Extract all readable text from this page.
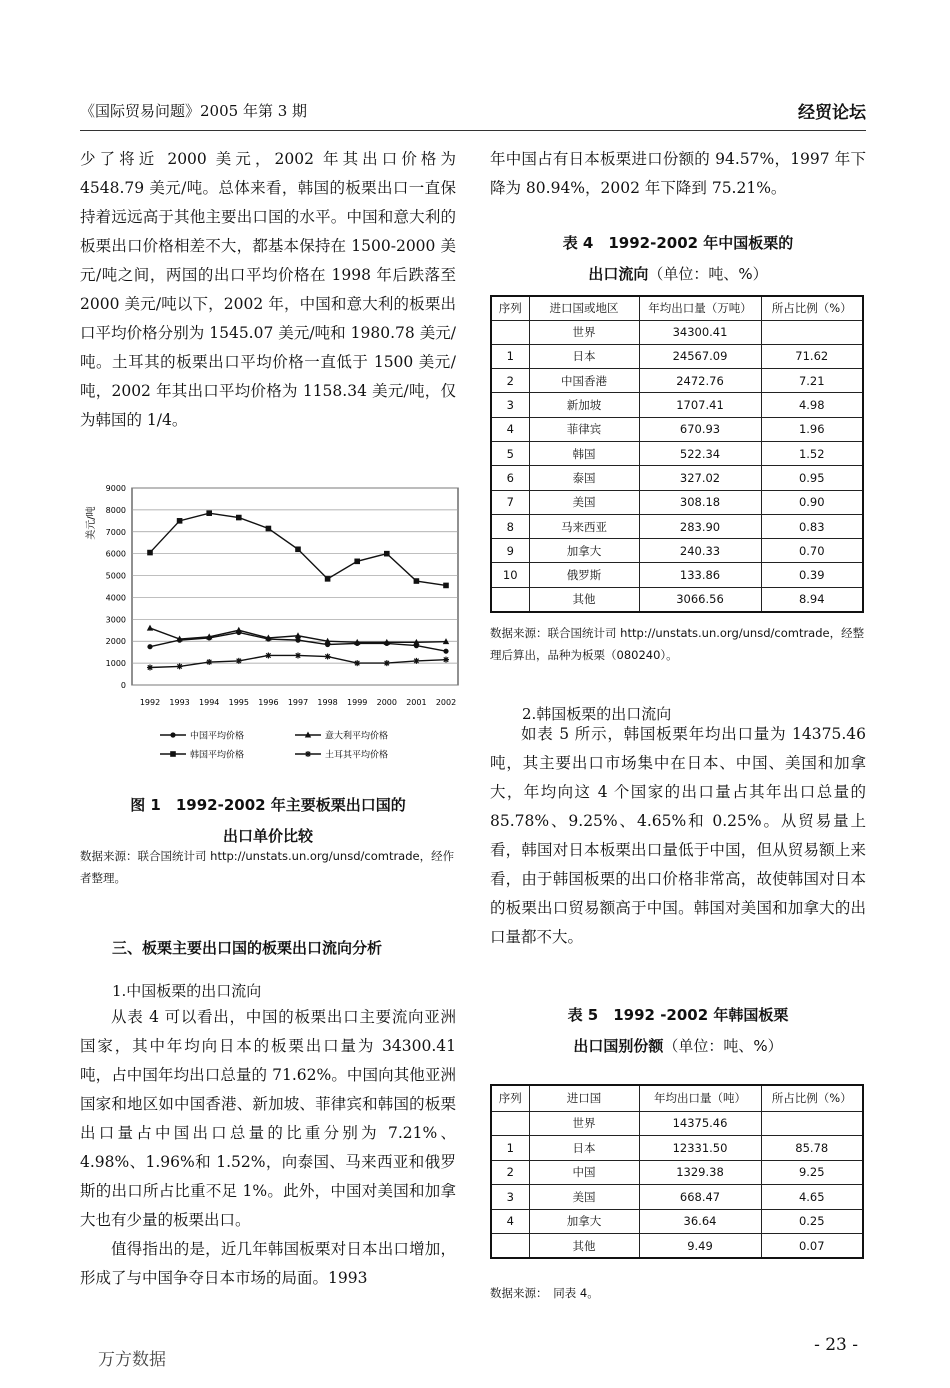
《国际贸易问题》2005 年第 3 期	经贸论坛

少了将近 2000 美元，2002 年其出口价格为 4548.79 美元/吨。总体来看，韩国的板栗出口一直保持着远远高于其他主要出口国的水平。中国和意大利的板栗出口价格相差不大，都基本保持在 1500-2000 美元/吨之间，两国的出口平均价格在 1998 年后跌落至 2000 美元/吨以下，2002 年，中国和意大利的板栗出口平均价格分别为 1545.07 美元/吨和 1980.78 美元/吨。土耳其的板栗出口平均价格一直低于 1500 美元/吨，2002 年其出口平均价格为 1158.34 美元/吨，仅为韩国的 1/4。

0
1000
2000
3000
4000
5000
6000
7000
8000
9000
1992 1993 1994 1995 1996 1997 1998 1999 2000 2001 2002
中国平均价格	意大利平均价格
韩国平均价格	土耳其平均价格
美元/吨
图 1　1992-2002 年主要板栗出口国的
出口单价比较
数据来源：联合国统计司 http://unstats.un.org/unsd/comtrade，经作者整理。
三、板栗主要出口国的板栗出口流向分析
1.中国板栗的出口流向

从表 4 可以看出，中国的板栗出口主要流向亚洲国家，其中年均向日本的板栗出口量为 34300.41 吨，占中国年均出口总量的 71.62%。中国向其他亚洲国家和地区如中国香港、新加坡、菲律宾和韩国的板栗出口量占中国出口总量的比重分别为 7.21%、4.98%、1.96%和 1.52%，向泰国、马来西亚和俄罗斯的出口所占比重不足 1%。此外，中国对美国和加拿大也有少量的板栗出口。

值得指出的是，近几年韩国板栗对日本出口增加，形成了与中国争夺日本市场的局面。1993

年中国占有日本板栗进口份额的 94.57%，1997 年下降为 80.94%，2002 年下降到 75.21%。

表 4　1992-2002 年中国板栗的
出口流向（单位：吨、%）
序列	进口国或地区	年均出口量（万吨）	所占比例（%）
	世界	34300.41	
1	日本	24567.09	71.62
2	中国香港	2472.76	7.21
3	新加坡	1707.41	4.98
4	菲律宾	670.93	1.96
5	韩国	522.34	1.52
6	泰国	327.02	0.95
7	美国	308.18	0.90
8	马来西亚	283.90	0.83
9	加拿大	240.33	0.70
10	俄罗斯	133.86	0.39
	其他	3066.56	8.94
数据来源：联合国统计司 http://unstats.un.org/unsd/comtrade，经整理后算出，品种为板栗（080240）。
2.韩国板栗的出口流向

如表 5 所示，韩国板栗年均出口量为 14375.46 吨，其主要出口市场集中在日本、中国、美国和加拿大，年均向这 4 个国家的出口量占其年出口总量的 85.78%、9.25%、4.65%和 0.25%。从贸易量上看，韩国对日本板栗出口量低于中国，但从贸易额上来看，由于韩国板栗的出口价格非常高，故使韩国对日本的板栗出口贸易额高于中国。韩国对美国和加拿大的出口量都不大。

表 5　1992 -2002 年韩国板栗
出口国别份额（单位：吨、%）
序列	进口国	年均出口量（吨）	所占比例（%）
	世界	14375.46	
1	日本	12331.50	85.78
2	中国	1329.38	9.25
3	美国	668.47	4.65
4	加拿大	36.64	0.25
	其他	9.49	0.07
数据来源：　同表 4。
万方数据
- 23 -
